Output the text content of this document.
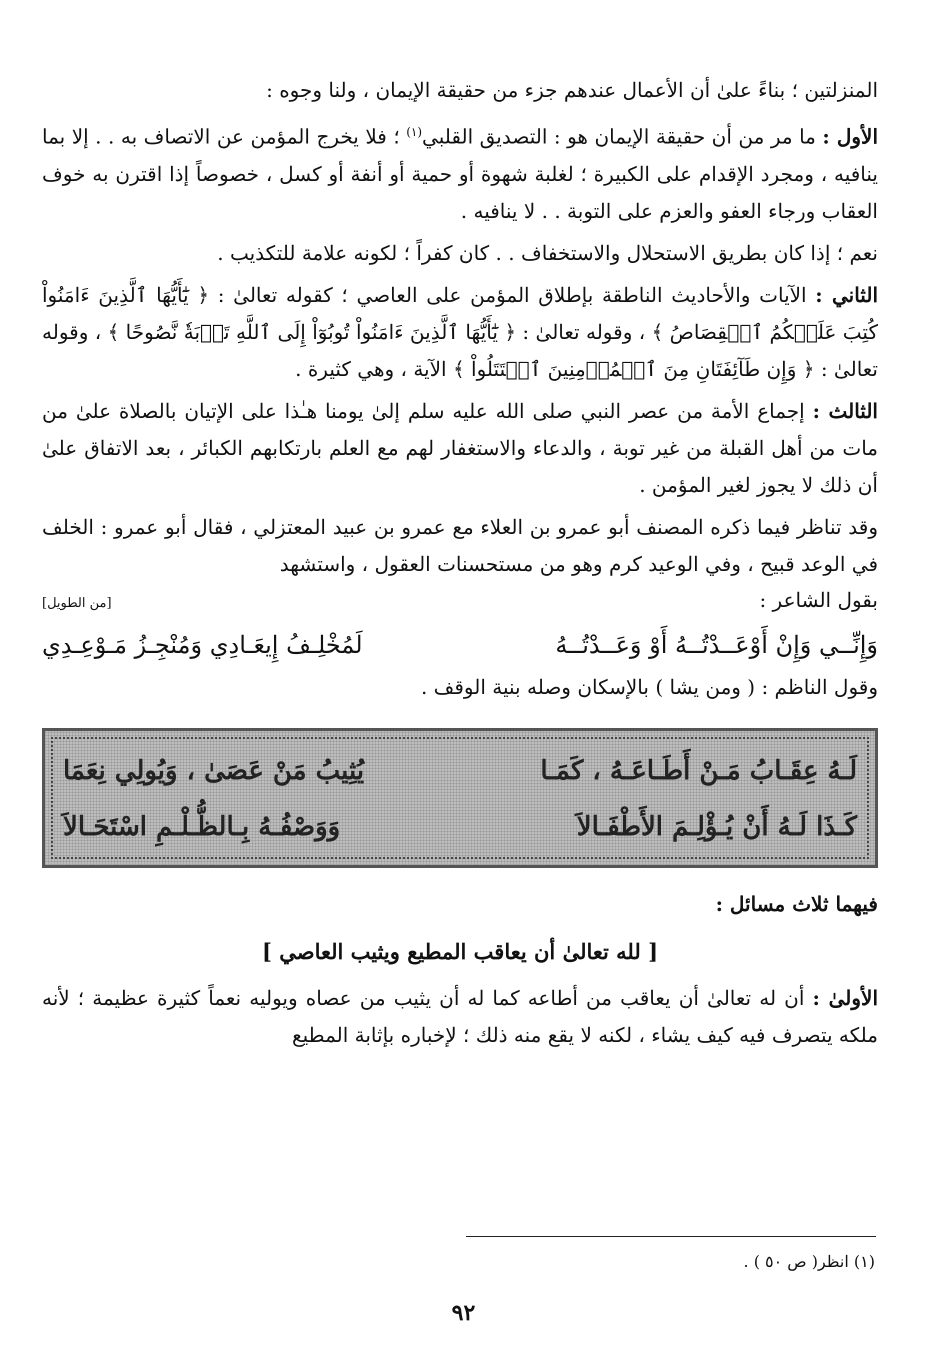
المنزلتين ؛ بناءً علىٰ أن الأعمال عندهم جزء من حقيقة الإيمان ، ولنا وجوه :

الأول : ما مر من أن حقيقة الإيمان هو : التصديق القلبي$^{(١)}$ ؛ فلا يخرج المؤمن عن الاتصاف به . . إلا بما ينافيه ، ومجرد الإقدام على الكبيرة ؛ لغلبة شهوة أو حمية أو أنفة أو كسل ، خصوصاً إذا اقترن به خوف العقاب ورجاء العفو والعزم على التوبة . . لا ينافيه .

نعم ؛ إذا كان بطريق الاستحلال والاستخفاف . . كان كفراً ؛ لكونه علامة للتكذيب .

الثاني : الآيات والأحاديث الناطقة بإطلاق المؤمن على العاصي ؛ كقوله تعالىٰ : ﴿ يَٰٓأَيُّهَا ٱلَّذِينَ ءَامَنُواْ كُتِبَ عَلَيۡكُمُ ٱلۡقِصَاصُ ﴾ ، وقوله تعالىٰ : ﴿ يَٰٓأَيُّهَا ٱلَّذِينَ ءَامَنُواْ تُوبُوٓاْ إِلَى ٱللَّهِ تَوۡبَةٗ نَّصُوحًا ﴾ ، وقوله تعالىٰ : ﴿ وَإِن طَآئِفَتَانِ مِنَ ٱلۡمُؤۡمِنِينَ ٱقۡتَتَلُواْ ﴾ الآية ، وهي كثيرة .

الثالث : إجماع الأمة من عصر النبي صلى الله عليه سلم إلىٰ يومنا هـٰذا على الإتيان بالصلاة علىٰ من مات من أهل القبلة من غير توبة ، والدعاء والاستغفار لهم مع العلم بارتكابهم الكبائر ، بعد الاتفاق علىٰ أن ذلك لا يجوز لغير المؤمن .

وقد تناظر فيما ذكره المصنف أبو عمرو بن العلاء مع عمرو بن عبيد المعتزلي ، فقال أبو عمرو : الخلف في الوعد قبيح ، وفي الوعيد كرم وهو من مستحسنات العقول ، واستشهد

بقول الشاعر :
[من الطويل]
وَإِنِّــي وَإِنْ أَوْعَــدْتُــهُ أَوْ وَعَــدْتُــهُ
لَمُخْلِـفُ إِيعَـادِي وَمُنْجِـزُ مَـوْعِـدِي

وقول الناظم : ( ومن يشا ) بالإسكان وصله بنية الوقف .

لَـهُ عِقَـابُ مَـنْ أَطَـاعَـهُ ، كَمَـا
يُثِيبُ مَنْ عَصَىٰ ، وَيُولِي نِعَمَا
كَـذَا لَـهُ أَنْ يُـؤْلِـمَ الأَطْفَـالاَ
وَوَصْفُـهُ بِـالظُّـلْـمِ اسْتَحَـالاَ

فيهما ثلاث مسائل :

[ لله تعالىٰ أن يعاقب المطيع ويثيب العاصي ]

الأولىٰ : أن له تعالىٰ أن يعاقب من أطاعه كما له أن يثيب من عصاه ويوليه نعماً كثيرة عظيمة ؛ لأنه ملكه يتصرف فيه كيف يشاء ، لكنه لا يقع منه ذلك ؛ لإخباره بإثابة المطيع

(١) انظر( ص ٥٠ ) .
٩٢
